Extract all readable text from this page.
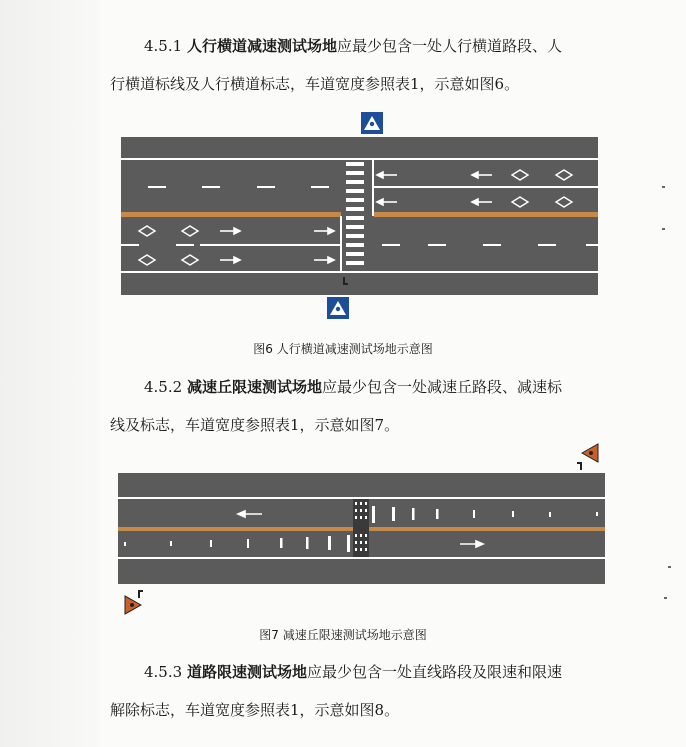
4.5.1 人行横道减速测试场地应最少包含一处人行横道路段、人
行横道标线及人行横道标志，车道宽度参照表1，示意如图6。

图6 人行横道减速测试场地示意图

4.5.2 减速丘限速测试场地应最少包含一处减速丘路段、减速标
线及标志，车道宽度参照表1，示意如图7。

图7 减速丘限速测试场地示意图

4.5.3 道路限速测试场地应最少包含一处直线路段及限速和限速
解除标志，车道宽度参照表1，示意如图8。
